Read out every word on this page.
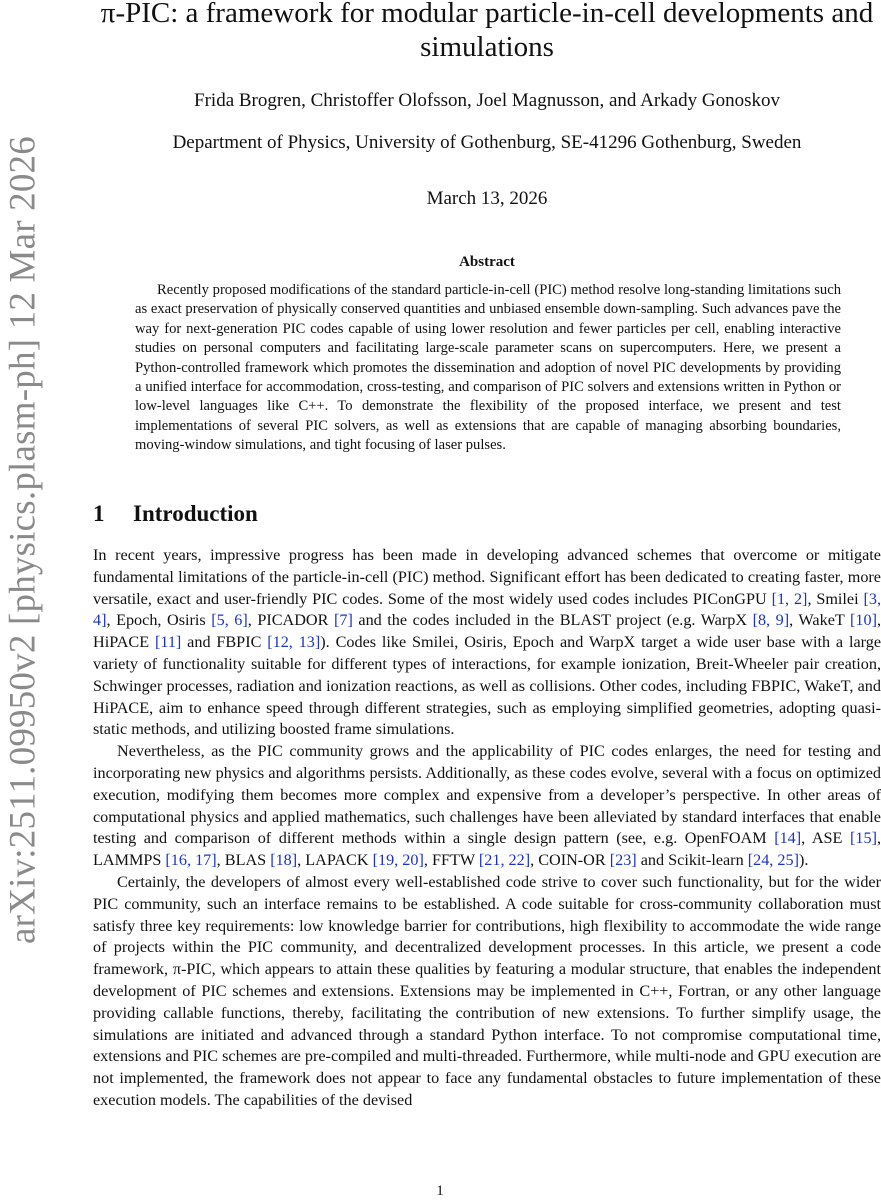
arXiv:2511.09950v2 [physics.plasm-ph] 12 Mar 2026
π-PIC: a framework for modular particle-in-cell developments and simulations
Frida Brogren, Christoffer Olofsson, Joel Magnusson, and Arkady Gonoskov
Department of Physics, University of Gothenburg, SE-41296 Gothenburg, Sweden
March 13, 2026
Abstract

Recently proposed modifications of the standard particle-in-cell (PIC) method resolve long-standing limitations such as exact preservation of physically conserved quantities and unbiased ensemble down-sampling. Such advances pave the way for next-generation PIC codes capable of using lower resolution and fewer particles per cell, enabling interactive studies on personal computers and facilitating large-scale parameter scans on supercomputers. Here, we present a Python-controlled framework which promotes the dissemination and adoption of novel PIC developments by providing a unified interface for accommodation, cross-testing, and comparison of PIC solvers and extensions written in Python or low-level languages like C++. To demonstrate the flexibility of the proposed interface, we present and test implementations of several PIC solvers, as well as extensions that are capable of managing absorbing boundaries, moving-window simulations, and tight focusing of laser pulses.

1 Introduction

In recent years, impressive progress has been made in developing advanced schemes that overcome or mitigate fundamental limitations of the particle-in-cell (PIC) method. Significant effort has been dedicated to creating faster, more versatile, exact and user-friendly PIC codes. Some of the most widely used codes includes PIConGPU [1, 2], Smilei [3, 4], Epoch, Osiris [5, 6], PICADOR [7] and the codes included in the BLAST project (e.g. WarpX [8, 9], WakeT [10], HiPACE [11] and FBPIC [12, 13]). Codes like Smilei, Osiris, Epoch and WarpX target a wide user base with a large variety of functionality suitable for different types of interactions, for example ionization, Breit-Wheeler pair creation, Schwinger processes, radiation and ionization reactions, as well as collisions. Other codes, including FBPIC, WakeT, and HiPACE, aim to enhance speed through different strategies, such as employing simplified geometries, adopting quasi-static methods, and utilizing boosted frame simulations.

Nevertheless, as the PIC community grows and the applicability of PIC codes enlarges, the need for testing and incorporating new physics and algorithms persists. Additionally, as these codes evolve, several with a focus on optimized execution, modifying them becomes more complex and expensive from a developer’s perspective. In other areas of computational physics and applied mathematics, such challenges have been alleviated by standard interfaces that enable testing and comparison of different methods within a single design pattern (see, e.g. OpenFOAM [14], ASE [15], LAMMPS [16, 17], BLAS [18], LAPACK [19, 20], FFTW [21, 22], COIN-OR [23] and Scikit-learn [24, 25]).

Certainly, the developers of almost every well-established code strive to cover such functionality, but for the wider PIC community, such an interface remains to be established. A code suitable for cross-community collaboration must satisfy three key requirements: low knowledge barrier for contributions, high flexibility to accommodate the wide range of projects within the PIC community, and decentralized development processes. In this article, we present a code framework, π-PIC, which appears to attain these qualities by featuring a modular structure, that enables the independent development of PIC schemes and extensions. Extensions may be implemented in C++, Fortran, or any other language providing callable functions, thereby, facilitating the contribution of new extensions. To further simplify usage, the simulations are initiated and advanced through a standard Python interface. To not compromise computational time, extensions and PIC schemes are pre-compiled and multi-threaded. Furthermore, while multi-node and GPU execution are not implemented, the framework does not appear to face any fundamental obstacles to future implementation of these execution models. The capabilities of the devised

1
